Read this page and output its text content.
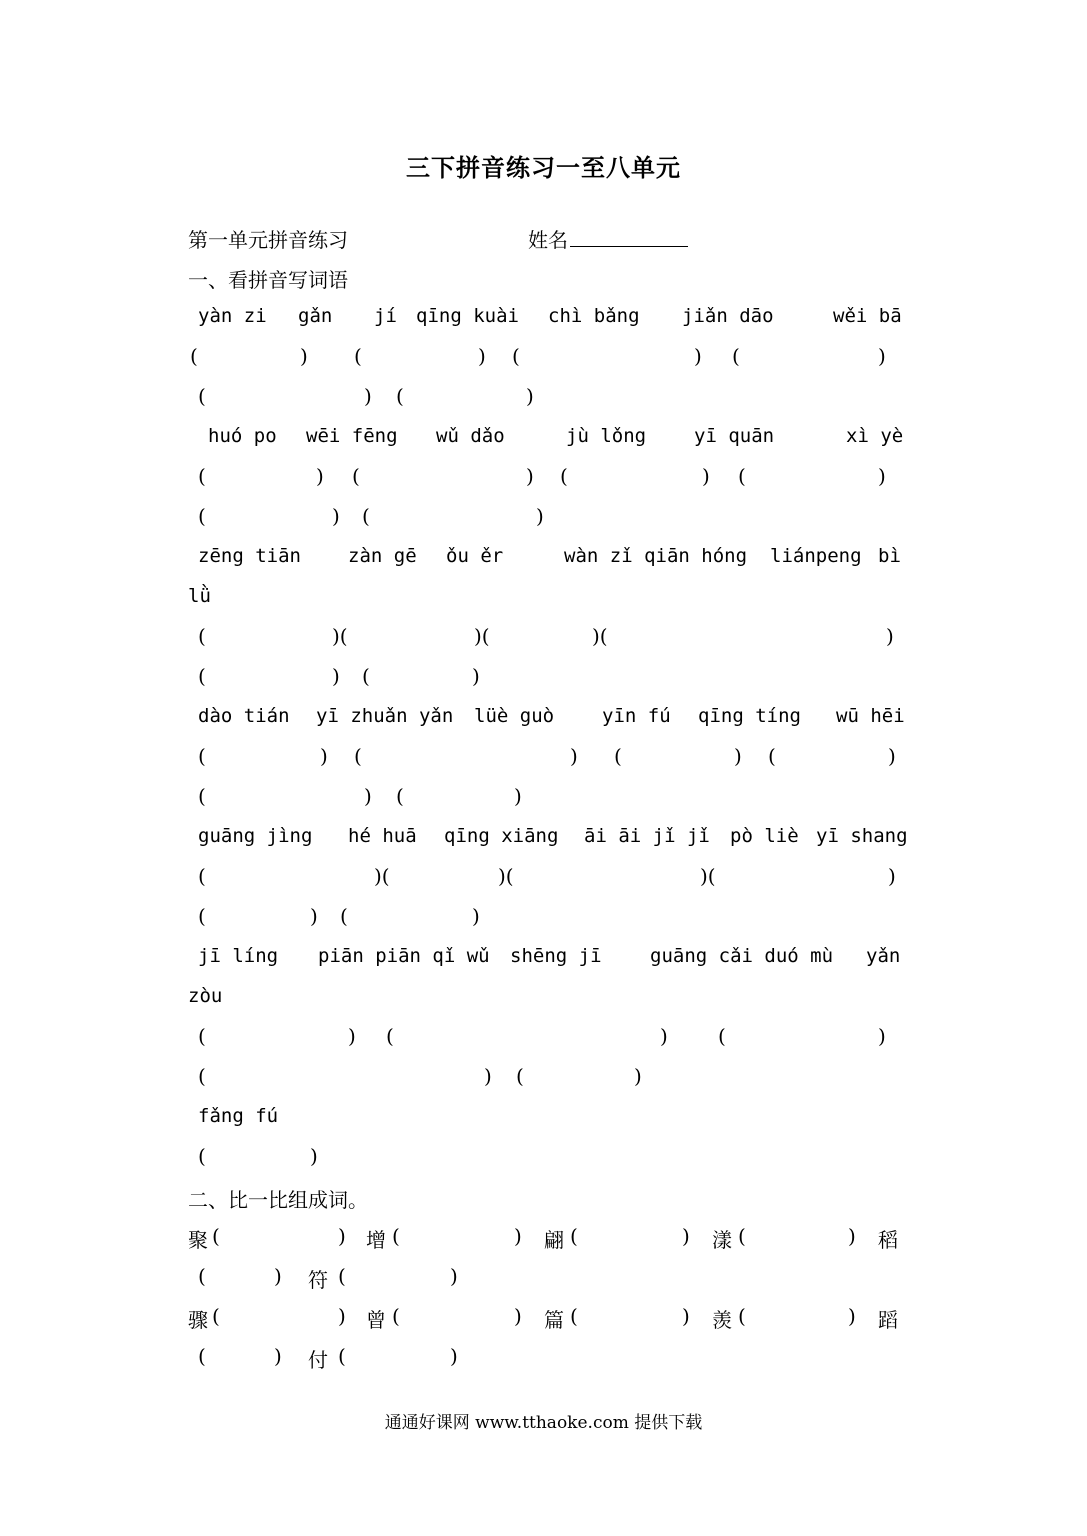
三下拼音练习一至八单元
第一单元拼音练习	姓名
一、看拼音写词语
yàn zi gǎn jí qīng kuài chì bǎng jiǎn dāo	wěi bā
(	) (	) (	) (	)
(	) (	)
huó po wēi fēng wǔ dǎo	jù lǒng	yī quān	xì yè
(	) (	) (	) (	)
(	) (	)
zēng tiān zàn gē ǒu ěr	wàn zǐ qiān hóng liánpeng bì
lǜ
(	)(	)(	)(	)
(	) (	)
dào tián yī zhuǎn yǎn lüè guò	yīn fú qīng tíng wū hēi
(	) (	) (	) (	)
(	) (	)
guāng jìng hé huā qīng xiāng āi āi jǐ jǐ pò liè yī shang
(	)(	)(	)(	)
(	) (	)
jī líng piān piān qǐ wǔ shēng jī	guāng cǎi duó mù yǎn
zòu
(	) (	)	(	)
(	) (	)
fǎng fú
(	)
二、比一比组成词。
聚 (	) 增 (	) 翩 (	) 漾 (	) 稻
(	) 符 (	)
骤 (	) 曾 (	) 篇 (	) 羡 (	) 蹈
(	) 付 (	)
通通好课网 www.tthaoke.com 提供下载
